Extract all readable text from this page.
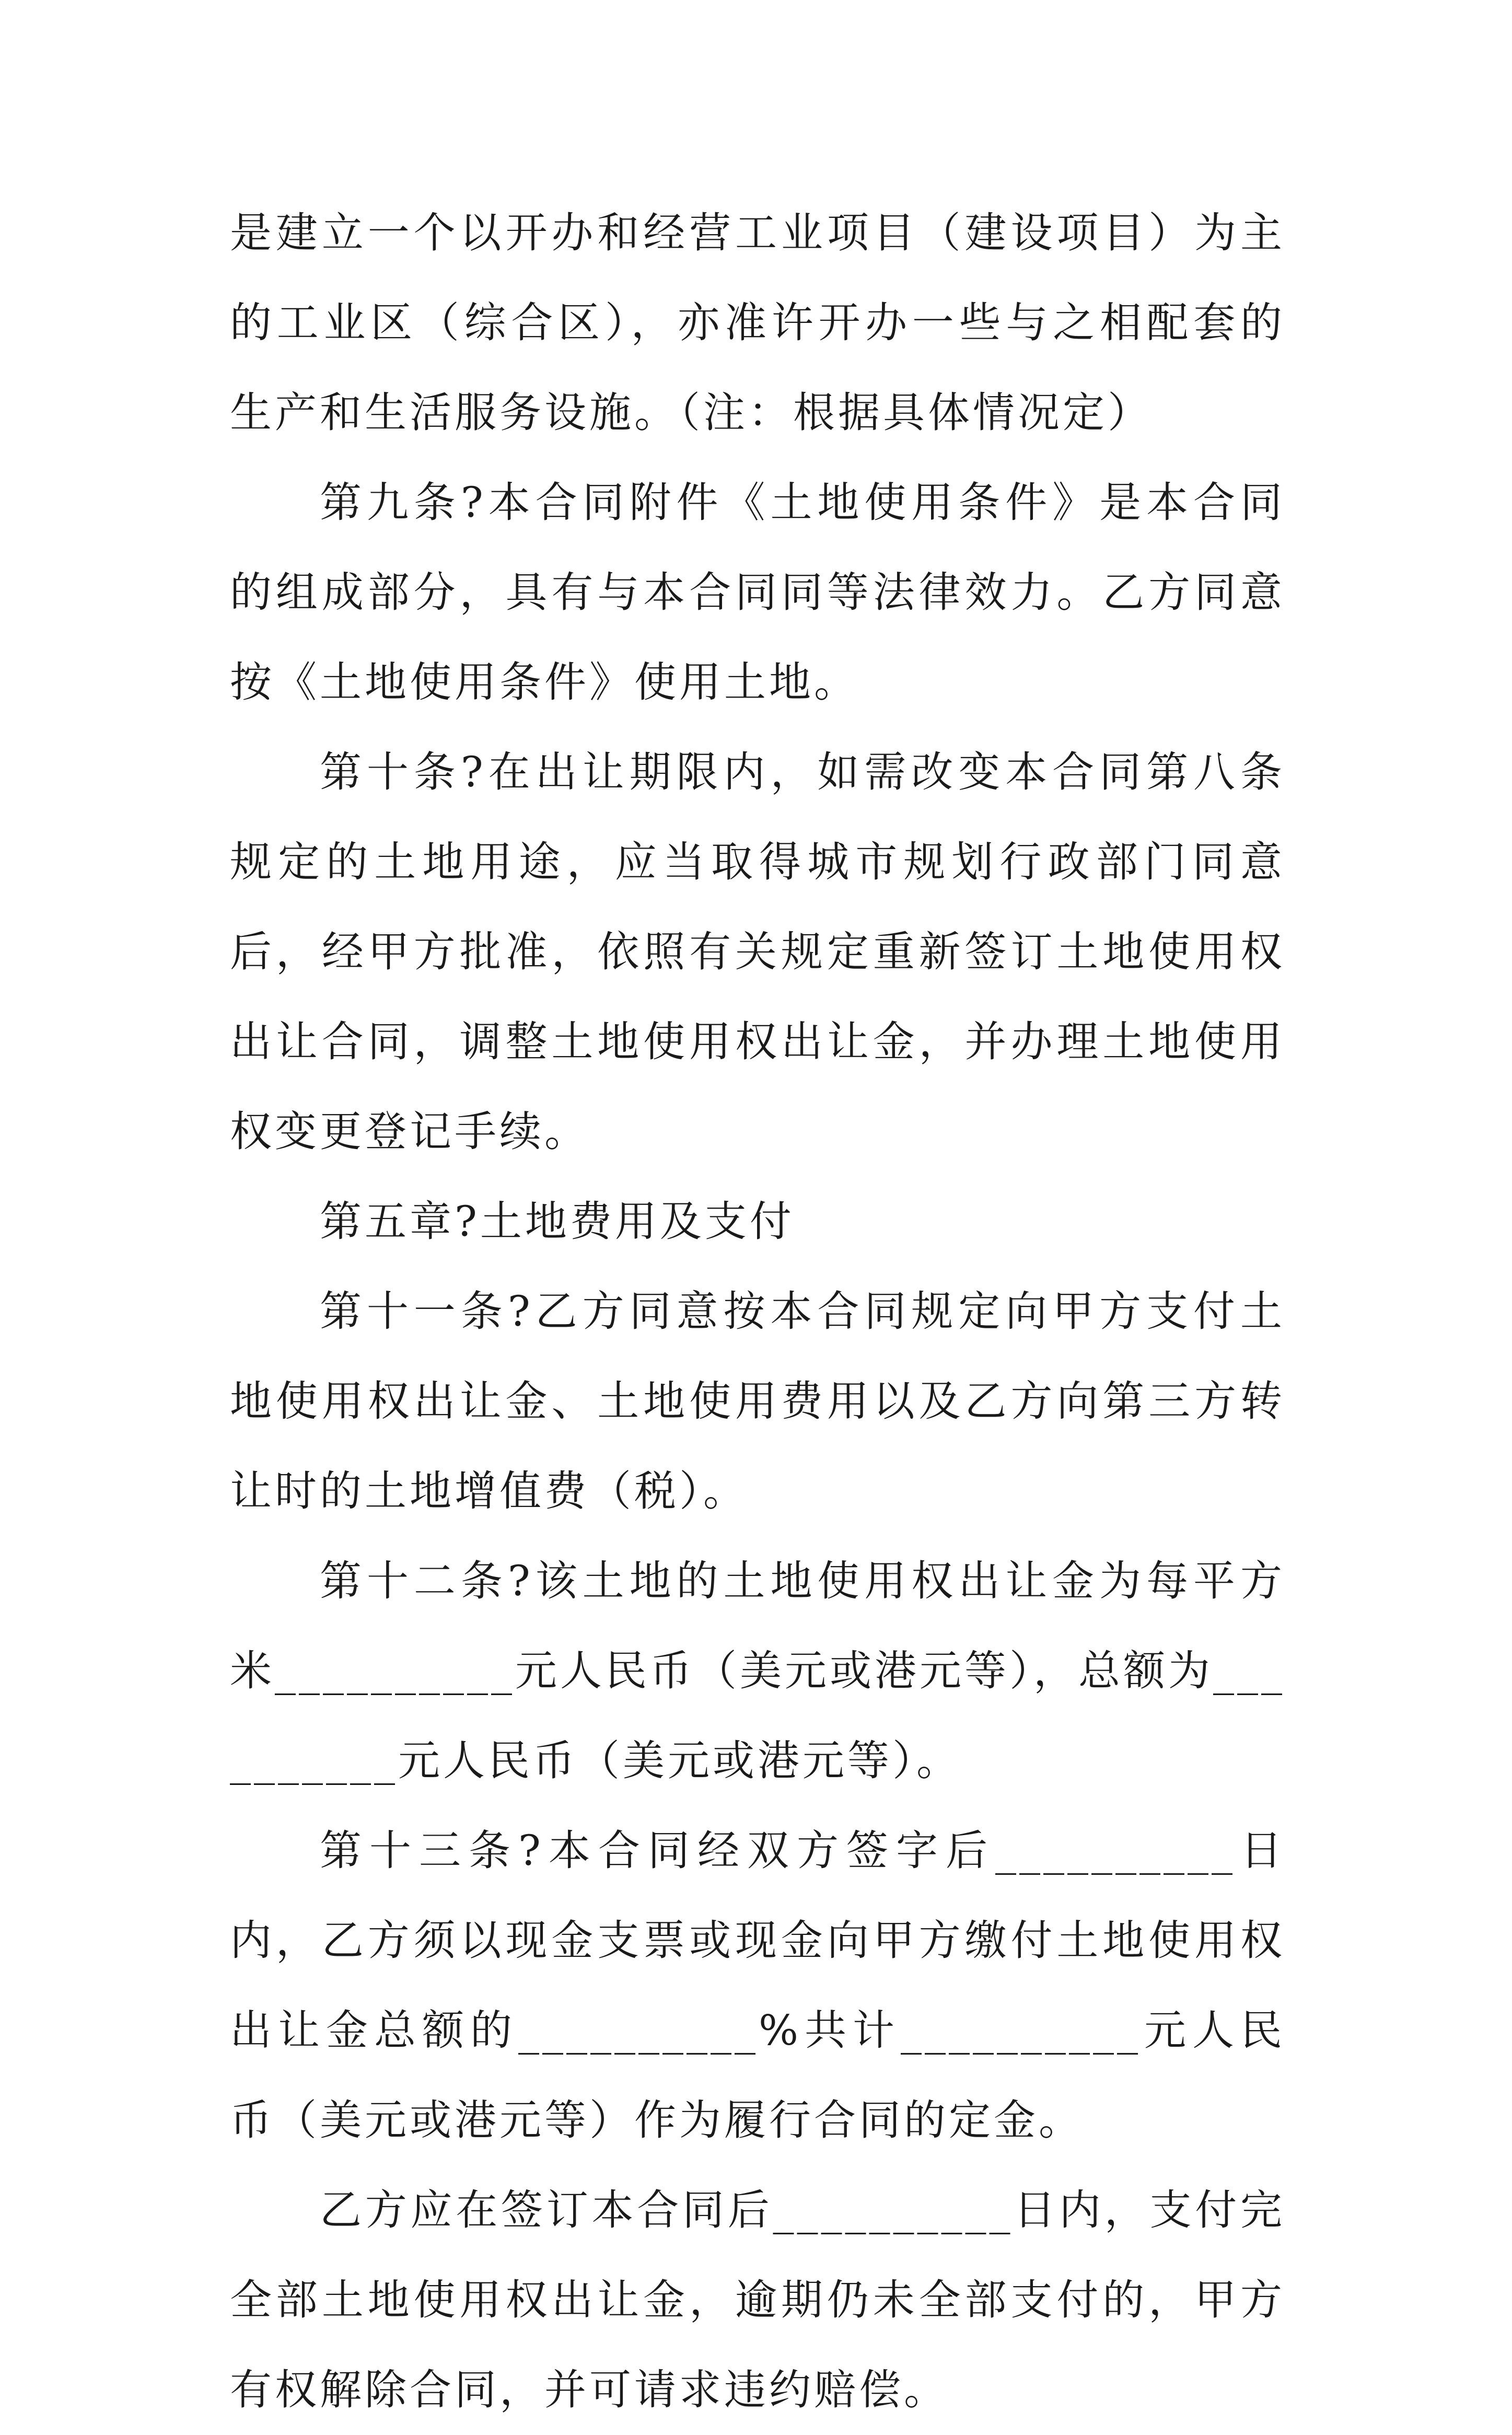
是建立一个以开办和经营工业项目（建设项目）为主的工业区（综合区），亦准许开办一些与之相配套的生产和生活服务设施。（注：根据具体情况定）

第九条?本合同附件《土地使用条件》是本合同的组成部分，具有与本合同同等法律效力。乙方同意按《土地使用条件》使用土地。

第十条?在出让期限内，如需改变本合同第八条规定的土地用途，应当取得城市规划行政部门同意后，经甲方批准，依照有关规定重新签订土地使用权出让合同，调整土地使用权出让金，并办理土地使用权变更登记手续。

第五章?土地费用及支付

第十一条?乙方同意按本合同规定向甲方支付土地使用权出让金、土地使用费用以及乙方向第三方转让时的土地增值费（税）。

第十二条?该土地的土地使用权出让金为每平方米__________元人民币（美元或港元等），总额为__________元人民币（美元或港元等）。

第十三条?本合同经双方签字后__________日内，乙方须以现金支票或现金向甲方缴付土地使用权出让金总额的__________%共计__________元人民币（美元或港元等）作为履行合同的定金。

乙方应在签订本合同后__________日内，支付完全部土地使用权出让金，逾期仍未全部支付的，甲方有权解除合同，并可请求违约赔偿。
